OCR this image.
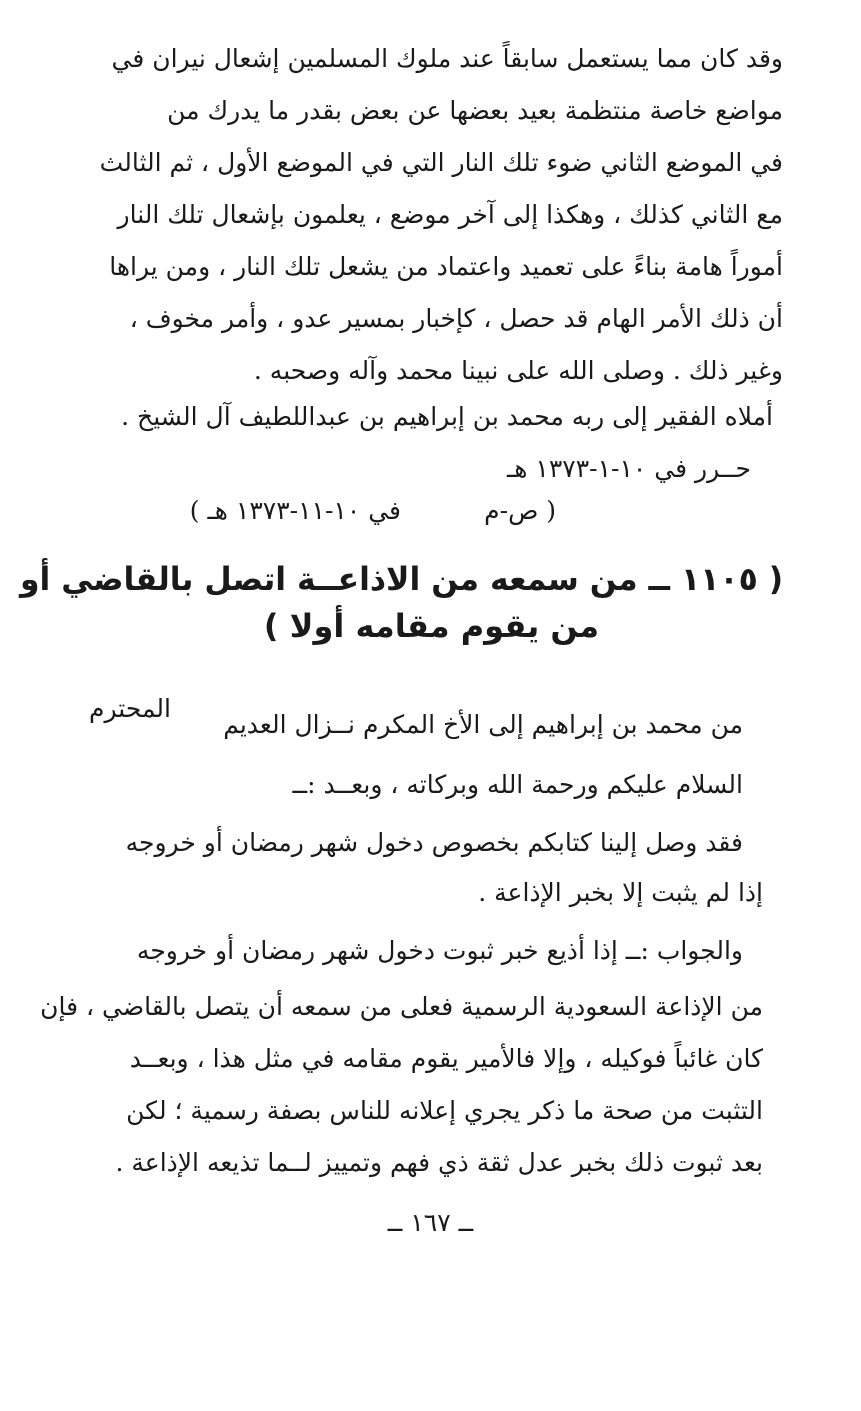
وقد كان مما يستعمل سابقاً عند ملوك المسلمين إشعال نيران في
مواضع خاصة منتظمة بعيد بعضها عن بعض بقدر ما يدرك من
في الموضع الثاني ضوء تلك النار التي في الموضع الأول ، ثم الثالث
مع الثاني كذلك ، وهكذا إلى آخر موضع ، يعلمون بإشعال تلك النار
أموراً هامة بناءً على تعميد واعتماد من يشعل تلك النار ، ومن يراها
أن ذلك الأمر الهام قد حصل ، كإخبار بمسير عدو ، وأمر مخوف ،
وغير ذلك . وصلى الله على نبينا محمد وآله وصحبه .
أملاه الفقير إلى ربه محمد بن إبراهيم بن عبداللطيف آل الشيخ .
حــرر في ١٠-١-١٣٧٣ هـ
( ص-م
في ١٠-١١-١٣٧٣ هـ )
( ١١٠٥ ــ من سمعه من الاذاعــة اتصل بالقاضي أو
من يقوم مقامه أولا )
من محمد بن إبراهيم إلى الأخ المكرم نــزال العديم
المحترم
السلام عليكم ورحمة الله وبركاته ، وبعــد :ــ
فقد وصل إلينا كتابكم بخصوص دخول شهر رمضان أو خروجه
إذا لم يثبت إلا بخبر الإذاعة .
والجواب :ــ إذا أذيع خبر ثبوت دخول شهر رمضان أو خروجه
من الإذاعة السعودية الرسمية فعلى من سمعه أن يتصل بالقاضي ، فإن
كان غائباً فوكيله ، وإلا فالأمير يقوم مقامه في مثل هذا ، وبعــد
التثبت من صحة ما ذكر يجري إعلانه للناس بصفة رسمية ؛ لكن
بعد ثبوت ذلك بخبر عدل ثقة ذي فهم وتمييز لــما تذيعه الإذاعة .
ــ ١٦٧ ــ
